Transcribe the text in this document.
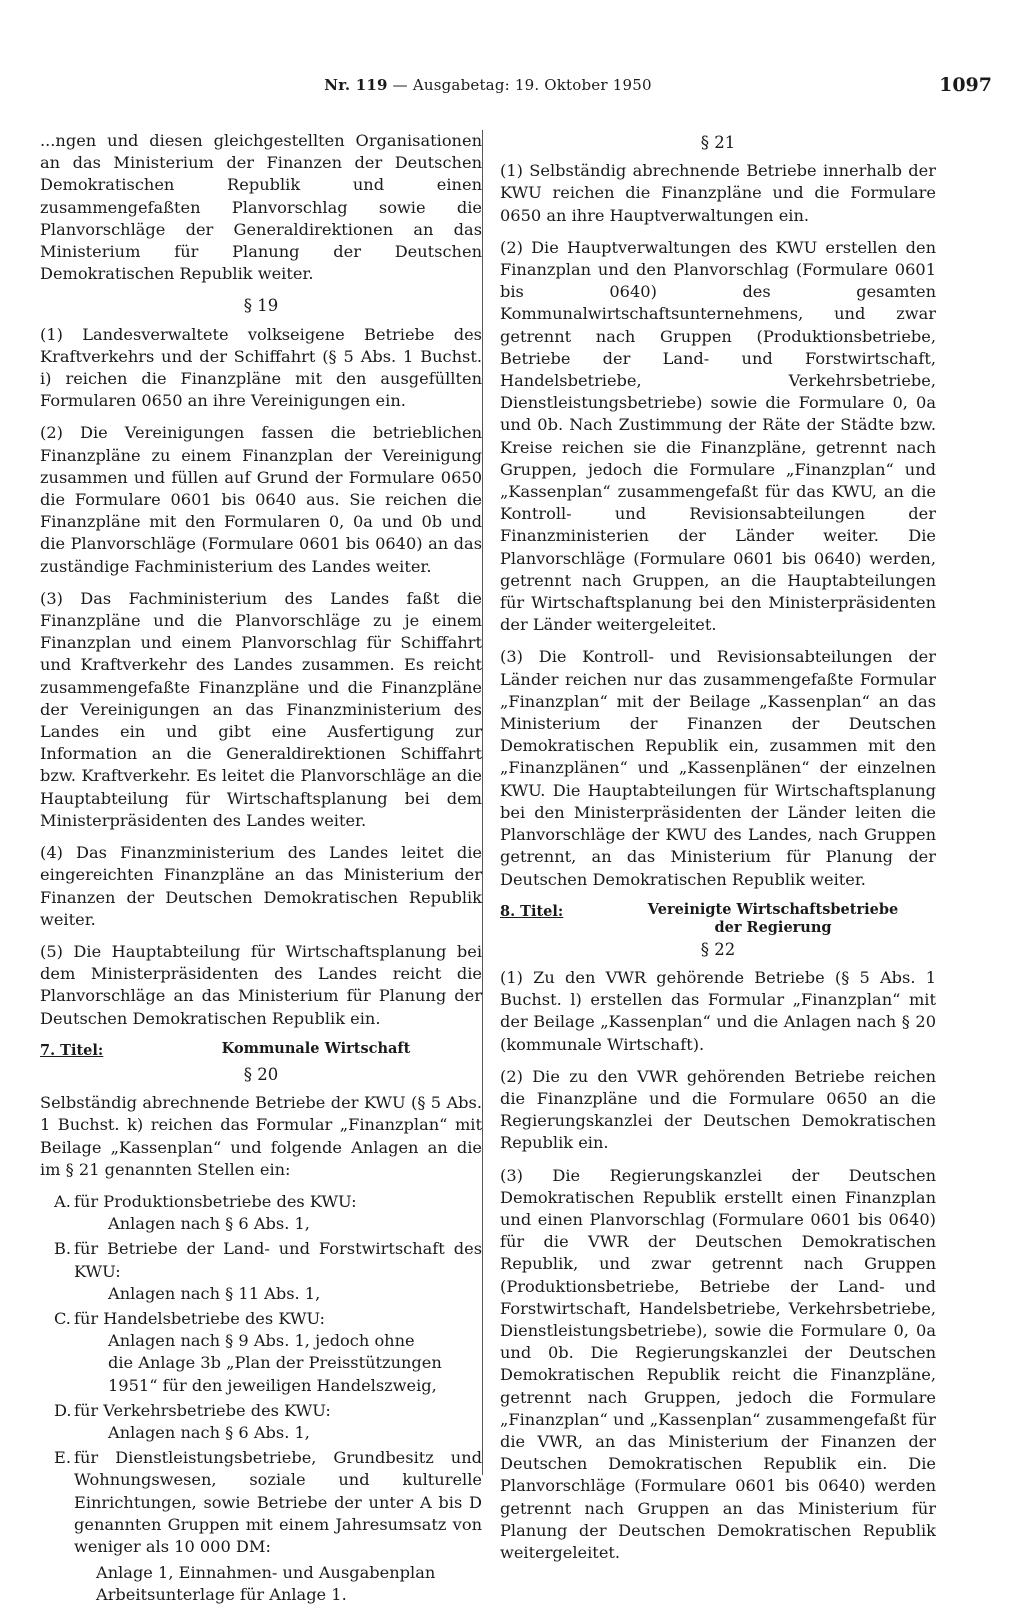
Nr. 119 — Ausgabetag: 19. Oktober 1950	1097

...ngen und diesen gleichgestellten Organisationen an das Ministerium der Finanzen der Deutschen Demokratischen Republik und einen zusammengefaßten Planvorschlag sowie die Planvorschläge der Generaldirektionen an das Ministerium für Planung der Deutschen Demokratischen Republik weiter.

§ 19

(1) Landesverwaltete volkseigene Betriebe des Kraftverkehrs und der Schiffahrt (§ 5 Abs. 1 Buchst. i) reichen die Finanzpläne mit den ausgefüllten Formularen 0650 an ihre Vereinigungen ein.

(2) Die Vereinigungen fassen die betrieblichen Finanzpläne zu einem Finanzplan der Vereinigung zusammen und füllen auf Grund der Formulare 0650 die Formulare 0601 bis 0640 aus. Sie reichen die Finanzpläne mit den Formularen 0, 0a und 0b und die Planvorschläge (Formulare 0601 bis 0640) an das zuständige Fachministerium des Landes weiter.

(3) Das Fachministerium des Landes faßt die Finanzpläne und die Planvorschläge zu je einem Finanzplan und einem Planvorschlag für Schiffahrt und Kraftverkehr des Landes zusammen. Es reicht zusammengefaßte Finanzpläne und die Finanzpläne der Vereinigungen an das Finanzministerium des Landes ein und gibt eine Ausfertigung zur Information an die Generaldirektionen Schiffahrt bzw. Kraftverkehr. Es leitet die Planvorschläge an die Hauptabteilung für Wirtschaftsplanung bei dem Ministerpräsidenten des Landes weiter.

(4) Das Finanzministerium des Landes leitet die eingereichten Finanzpläne an das Ministerium der Finanzen der Deutschen Demokratischen Republik weiter.

(5) Die Hauptabteilung für Wirtschaftsplanung bei dem Ministerpräsidenten des Landes reicht die Planvorschläge an das Ministerium für Planung der Deutschen Demokratischen Republik ein.

7. Titel:	Kommunale Wirtschaft
§ 20

Selbständig abrechnende Betriebe der KWU (§ 5 Abs. 1 Buchst. k) reichen das Formular „Finanzplan“ mit Beilage „Kassenplan“ und folgende Anlagen an die im § 21 genannten Stellen ein:

A. für Produktionsbetriebe des KWU:
Anlagen nach § 6 Abs. 1,
B. für Betriebe der Land- und Forstwirtschaft des KWU:
Anlagen nach § 11 Abs. 1,
C. für Handelsbetriebe des KWU:
Anlagen nach § 9 Abs. 1, jedoch ohne die Anlage 3b „Plan der Preisstützungen 1951“ für den jeweiligen Handelszweig,
D. für Verkehrsbetriebe des KWU:
Anlagen nach § 6 Abs. 1,
E. für Dienstleistungsbetriebe, Grundbesitz und Wohnungswesen, soziale und kulturelle Einrichtungen, sowie Betriebe der unter A bis D genannten Gruppen mit einem Jahresumsatz von weniger als 10 000 DM:
Anlage 1, Einnahmen- und Ausgabenplan
Arbeitsunterlage für Anlage 1.
§ 21

(1) Selbständig abrechnende Betriebe innerhalb der KWU reichen die Finanzpläne und die Formulare 0650 an ihre Hauptverwaltungen ein.

(2) Die Hauptverwaltungen des KWU erstellen den Finanzplan und den Planvorschlag (Formulare 0601 bis 0640) des gesamten Kommunalwirtschaftsunternehmens, und zwar getrennt nach Gruppen (Produktionsbetriebe, Betriebe der Land- und Forstwirtschaft, Handelsbetriebe, Verkehrsbetriebe, Dienstleistungsbetriebe) sowie die Formulare 0, 0a und 0b. Nach Zustimmung der Räte der Städte bzw. Kreise reichen sie die Finanzpläne, getrennt nach Gruppen, jedoch die Formulare „Finanzplan“ und „Kassenplan“ zusammengefaßt für das KWU, an die Kontroll- und Revisionsabteilungen der Finanzministerien der Länder weiter. Die Planvorschläge (Formulare 0601 bis 0640) werden, getrennt nach Gruppen, an die Hauptabteilungen für Wirtschaftsplanung bei den Ministerpräsidenten der Länder weitergeleitet.

(3) Die Kontroll- und Revisionsabteilungen der Länder reichen nur das zusammengefaßte Formular „Finanzplan“ mit der Beilage „Kassenplan“ an das Ministerium der Finanzen der Deutschen Demokratischen Republik ein, zusammen mit den „Finanzplänen“ und „Kassenplänen“ der einzelnen KWU. Die Hauptabteilungen für Wirtschaftsplanung bei den Ministerpräsidenten der Länder leiten die Planvorschläge der KWU des Landes, nach Gruppen getrennt, an das Ministerium für Planung der Deutschen Demokratischen Republik weiter.

8. Titel:	Vereinigte Wirtschaftsbetriebe
der Regierung
§ 22

(1) Zu den VWR gehörende Betriebe (§ 5 Abs. 1 Buchst. l) erstellen das Formular „Finanzplan“ mit der Beilage „Kassenplan“ und die Anlagen nach § 20 (kommunale Wirtschaft).

(2) Die zu den VWR gehörenden Betriebe reichen die Finanzpläne und die Formulare 0650 an die Regierungskanzlei der Deutschen Demokratischen Republik ein.

(3) Die Regierungskanzlei der Deutschen Demokratischen Republik erstellt einen Finanzplan und einen Planvorschlag (Formulare 0601 bis 0640) für die VWR der Deutschen Demokratischen Republik, und zwar getrennt nach Gruppen (Produktionsbetriebe, Betriebe der Land- und Forstwirtschaft, Handelsbetriebe, Verkehrsbetriebe, Dienstleistungsbetriebe), sowie die Formulare 0, 0a und 0b. Die Regierungskanzlei der Deutschen Demokratischen Republik reicht die Finanzpläne, getrennt nach Gruppen, jedoch die Formulare „Finanzplan“ und „Kassenplan“ zusammengefaßt für die VWR, an das Ministerium der Finanzen der Deutschen Demokratischen Republik ein. Die Planvorschläge (Formulare 0601 bis 0640) werden getrennt nach Gruppen an das Ministerium für Planung der Deutschen Demokratischen Republik weitergeleitet.
